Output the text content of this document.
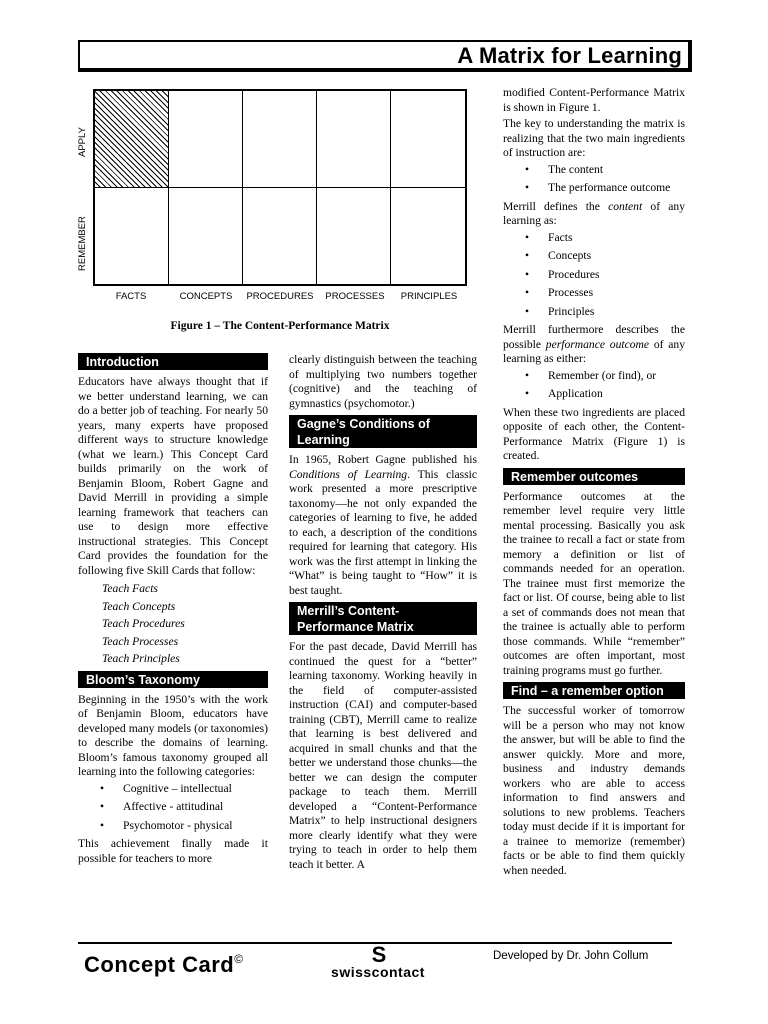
A Matrix for Learning
APPLY
REMEMBER
FACTS	CONCEPTS	PROCEDURES	PROCESSES	PRINCIPLES
Figure 1 – The Content-Performance Matrix
Introduction

Educators have always thought that if we better understand learning, we can do a better job of teaching. For nearly 50 years, many experts have proposed different ways to structure knowledge (what we learn.) This Concept Card builds primarily on the work of Benjamin Bloom, Robert Gagne and David Merrill in providing a simple learning framework that teachers can use to design more effective instructional strategies. This Concept Card provides the foundation for the following five Skill Cards that follow:

Teach Facts
Teach Concepts
Teach Procedures
Teach Processes
Teach Principles
Bloom’s Taxonomy

Beginning in the 1950’s with the work of Benjamin Bloom, educators have developed many models (or taxonomies) to describe the domains of learning. Bloom’s famous taxonomy grouped all learning into the following categories:

• Cognitive – intellectual
• Affective - attitudinal
• Psychomotor - physical

This achievement finally made it possible for teachers to more

clearly distinguish between the teaching of multiplying two numbers together (cognitive) and the teaching of gymnastics (psychomotor.)

Gagne’s Conditions of Learning

In 1965, Robert Gagne published his Conditions of Learning. This classic work presented a more prescriptive taxonomy—he not only expanded the categories of learning to five, he added to each, a description of the conditions required for learning that category. His work was the first attempt in linking the “What” is being taught to “How” it is best taught.

Merrill’s Content-Performance Matrix

For the past decade, David Merrill has continued the quest for a “better” learning taxonomy. Working heavily in the field of computer-assisted instruction (CAI) and computer-based training (CBT), Merrill came to realize that learning is best delivered and acquired in small chunks and that the better we understand those chunks—the better we can design the computer package to teach them. Merrill developed a “Content-Performance Matrix” to help instructional designers more clearly identify what they were trying to teach in order to help them teach it better. A

modified Content-Performance Matrix is shown in Figure 1.

The key to understanding the matrix is realizing that the two main ingredients of instruction are:

• The content
• The performance outcome

Merrill defines the content of any learning as:

• Facts
• Concepts
• Procedures
• Processes
• Principles

Merrill furthermore describes the possible performance outcome of any learning as either:

• Remember (or find), or
• Application

When these two ingredients are placed opposite of each other, the Content-Performance Matrix (Figure 1) is created.

Remember outcomes

Performance outcomes at the remember level require very little mental processing. Basically you ask the trainee to recall a fact or state from memory a definition or list of commands needed for an operation. The trainee must first memorize the fact or list. Of course, being able to list a set of commands does not mean that the trainee is actually able to perform those commands. While “remember” outcomes are often important, most training programs must go further.

Find – a remember option

The successful worker of tomorrow will be a person who may not know the answer, but will be able to find the answer quickly. More and more, business and industry demands workers who are able to access information to find answers and solutions to new problems. Teachers today must decide if it is important for a trainee to memorize (remember) facts or be able to find them quickly when needed.

Concept Card©	S
swisscontact
Developed by Dr. John Collum
